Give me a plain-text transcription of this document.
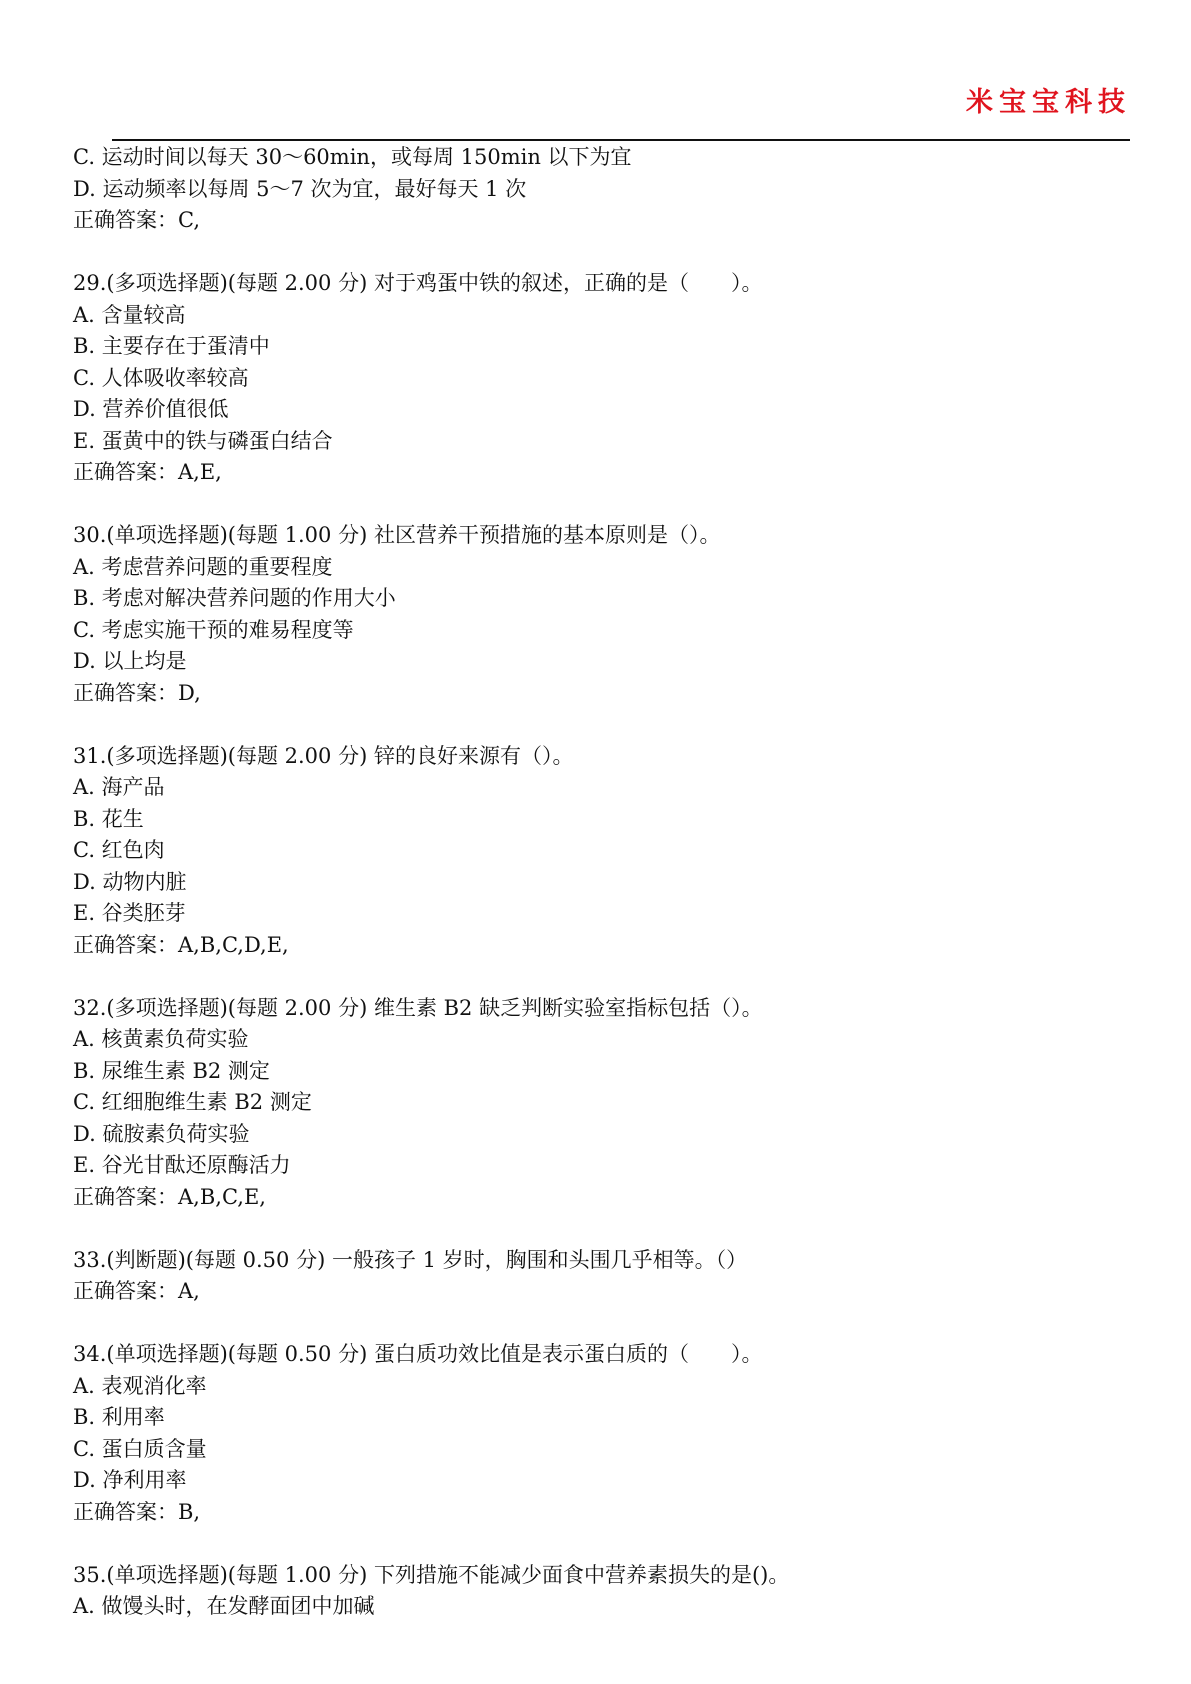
米宝宝科技
C. 运动时间以每天 30～60min，或每周 150min 以下为宜
D. 运动频率以每周 5～7 次为宜，最好每天 1 次
正确答案：C,
29.(多项选择题)(每题 2.00 分) 对于鸡蛋中铁的叙述，正确的是（　　）。
A. 含量较高
B. 主要存在于蛋清中
C. 人体吸收率较高
D. 营养价值很低
E. 蛋黄中的铁与磷蛋白结合
正确答案：A,E,
30.(单项选择题)(每题 1.00 分) 社区营养干预措施的基本原则是（）。
A. 考虑营养问题的重要程度
B. 考虑对解决营养问题的作用大小
C. 考虑实施干预的难易程度等
D. 以上均是
正确答案：D,
31.(多项选择题)(每题 2.00 分) 锌的良好来源有（）。
A. 海产品
B. 花生
C. 红色肉
D. 动物内脏
E. 谷类胚芽
正确答案：A,B,C,D,E,
32.(多项选择题)(每题 2.00 分) 维生素 B2 缺乏判断实验室指标包括（）。
A. 核黄素负荷实验
B. 尿维生素 B2 测定
C. 红细胞维生素 B2 测定
D. 硫胺素负荷实验
E. 谷光甘酞还原酶活力
正确答案：A,B,C,E,
33.(判断题)(每题 0.50 分) 一般孩子 1 岁时，胸围和头围几乎相等。（）
正确答案：A,
34.(单项选择题)(每题 0.50 分) 蛋白质功效比值是表示蛋白质的（　　）。
A. 表观消化率
B. 利用率
C. 蛋白质含量
D. 净利用率
正确答案：B,
35.(单项选择题)(每题 1.00 分) 下列措施不能减少面食中营养素损失的是()。
A. 做馒头时，在发酵面团中加碱
